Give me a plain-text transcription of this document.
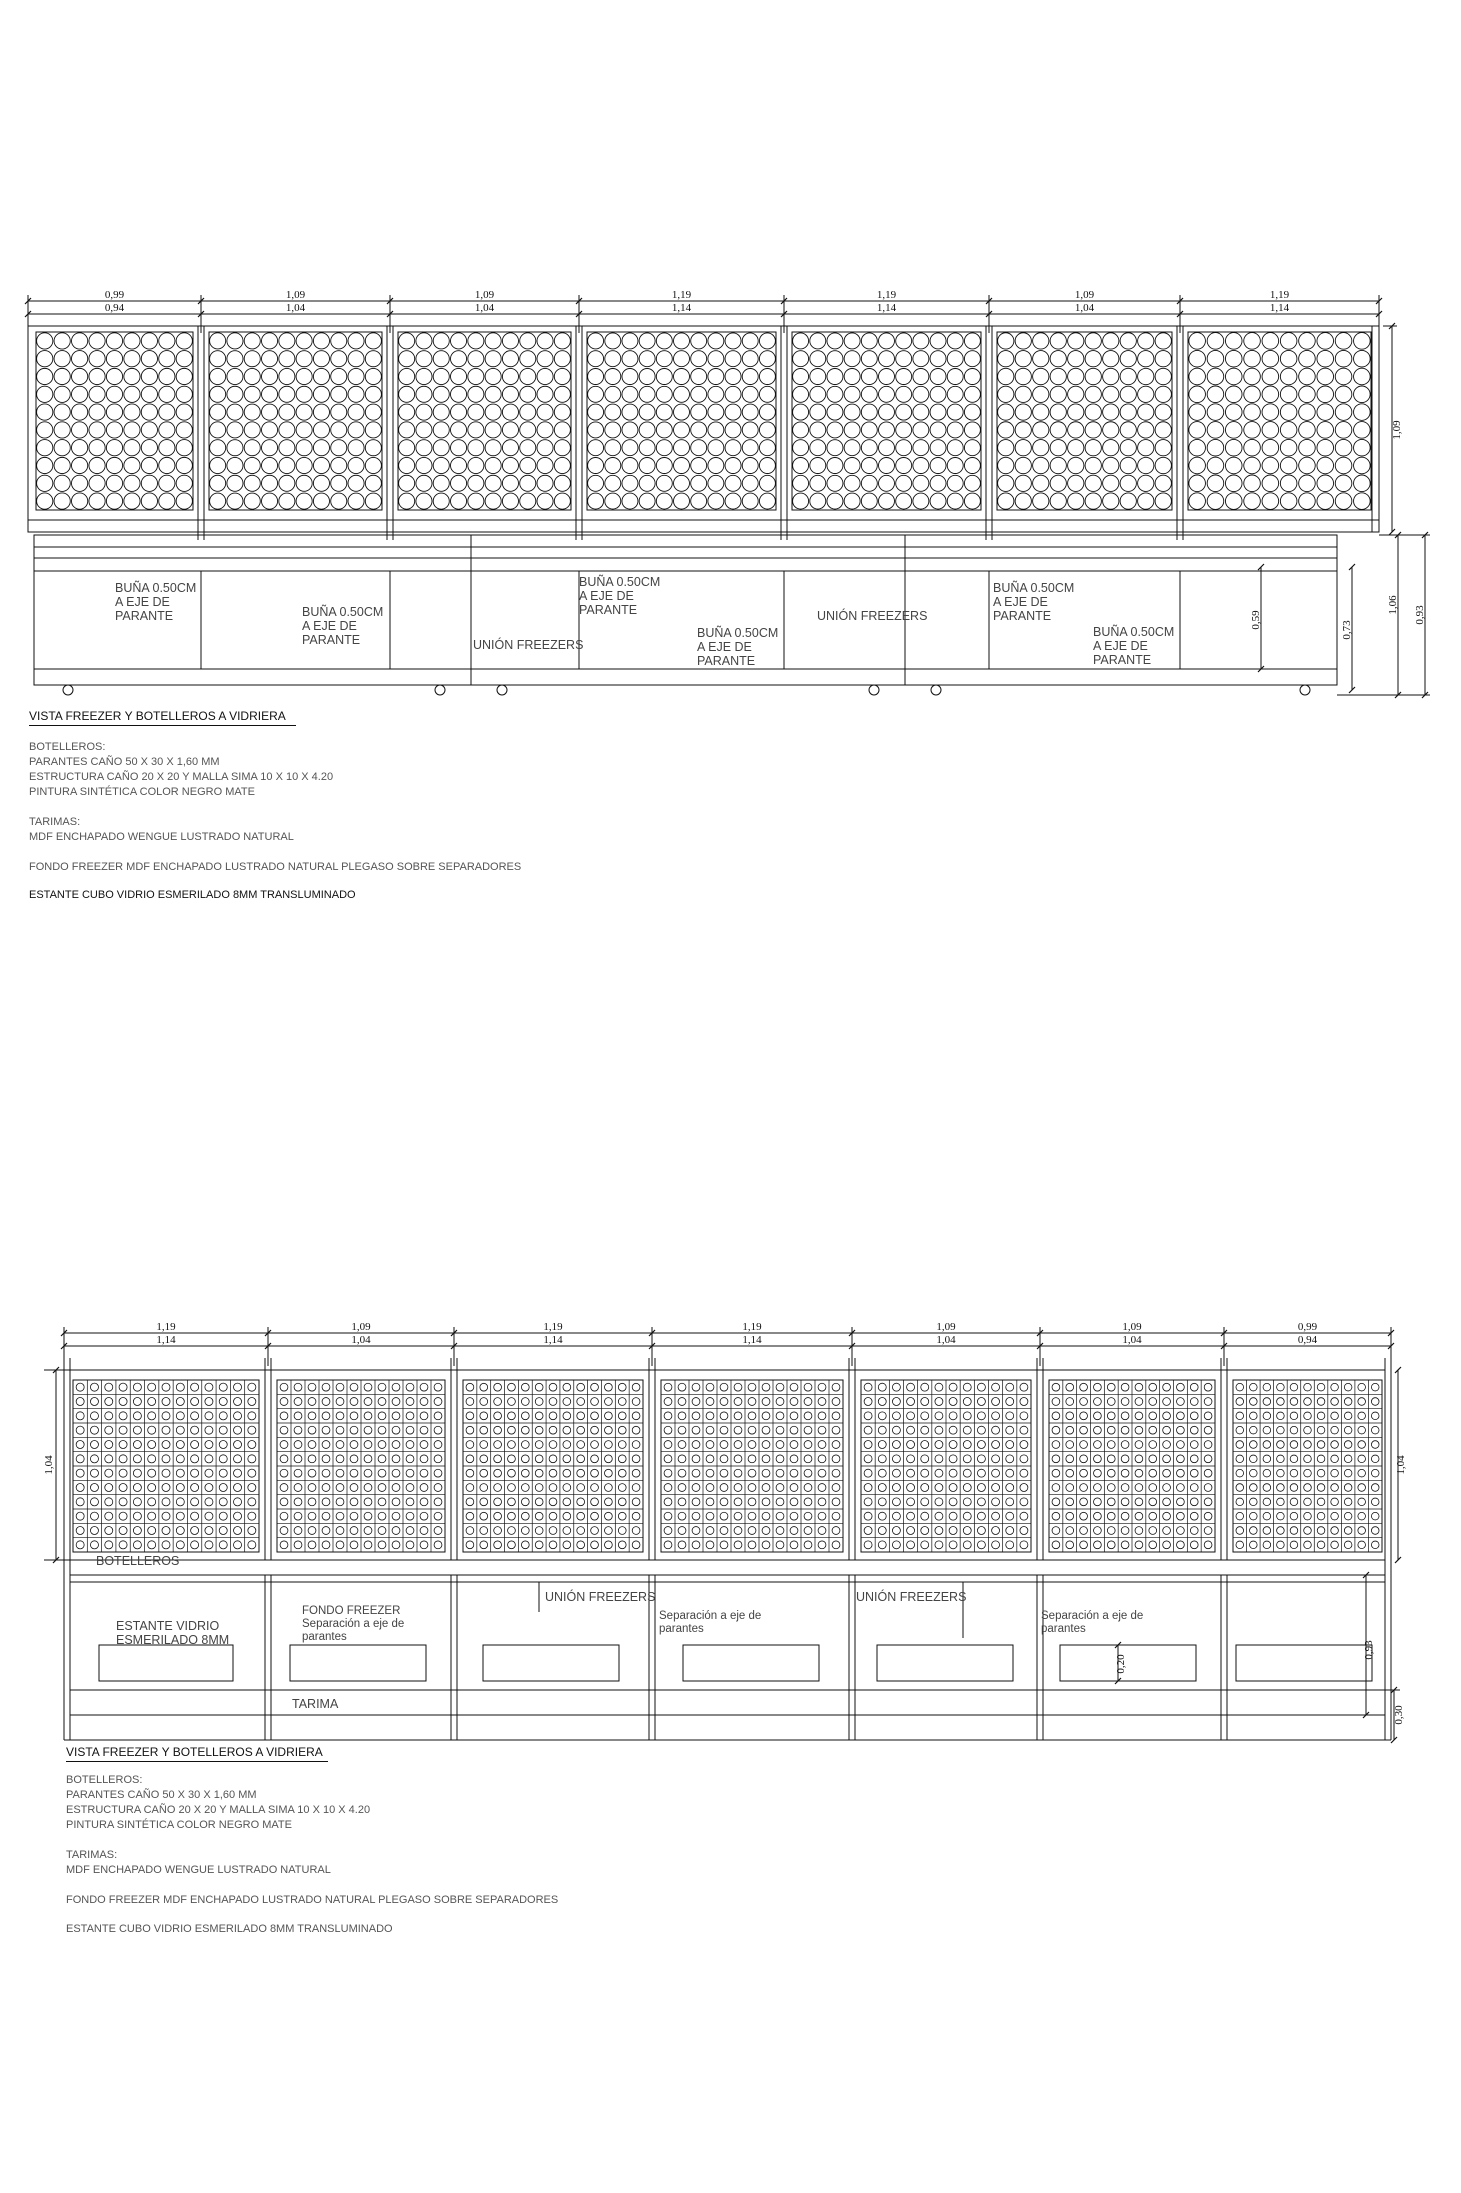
0,99
0,94
1,09
1,04
1,09
1,04
1,19
1,14
1,19
1,14
1,09
1,04
1,19
1,14
1,09
BUÑA 0.50CM
A EJE DE
PARANTE	BUÑA 0.50CM
A EJE DE
PARANTE	UNIÓN FREEZERS
BUÑA 0.50CM
A EJE DE
PARANTE
BUÑA 0.50CM
A EJE DE
PARANTE
UNIÓN FREEZERS
BUÑA 0.50CM
A EJE DE
PARANTE
BUÑA 0.50CM
A EJE DE
PARANTE
0,59
0,73
1,06
0,93
1,19
1,14
1,09
1,04
1,19
1,14
1,19
1,14
1,09
1,04
1,09
1,04
0,99
0,94
1,04	1,04
BOTELLEROS
ESTANTE VIDRIO
ESMERILADO 8MM
FONDO FREEZER
Separación a eje de
parantes
UNIÓN FREEZERS
Separación a eje de
parantes
UNIÓN FREEZERS
Separación a eje de
parantes
TARIMA
0,20
0,93
0,30

VISTA FREEZER Y BOTELLEROS A VIDRIERA

BOTELLEROS:

PARANTES CAÑO 50 X 30 X 1,60 MM

ESTRUCTURA CAÑO 20 X 20 Y MALLA SIMA 10 X 10 X 4.20

PINTURA SINTÉTICA COLOR NEGRO MATE

TARIMAS:

MDF ENCHAPADO WENGUE LUSTRADO NATURAL

FONDO FREEZER MDF ENCHAPADO LUSTRADO NATURAL PLEGASO SOBRE SEPARADORES

ESTANTE CUBO VIDRIO ESMERILADO 8MM TRANSLUMINADO

VISTA FREEZER Y BOTELLEROS A VIDRIERA

BOTELLEROS:

PARANTES CAÑO 50 X 30 X 1,60 MM

ESTRUCTURA CAÑO 20 X 20 Y MALLA SIMA 10 X 10 X 4.20

PINTURA SINTÉTICA COLOR NEGRO MATE

TARIMAS:

MDF ENCHAPADO WENGUE LUSTRADO NATURAL

FONDO FREEZER MDF ENCHAPADO LUSTRADO NATURAL PLEGASO SOBRE SEPARADORES

ESTANTE CUBO VIDRIO ESMERILADO 8MM TRANSLUMINADO
